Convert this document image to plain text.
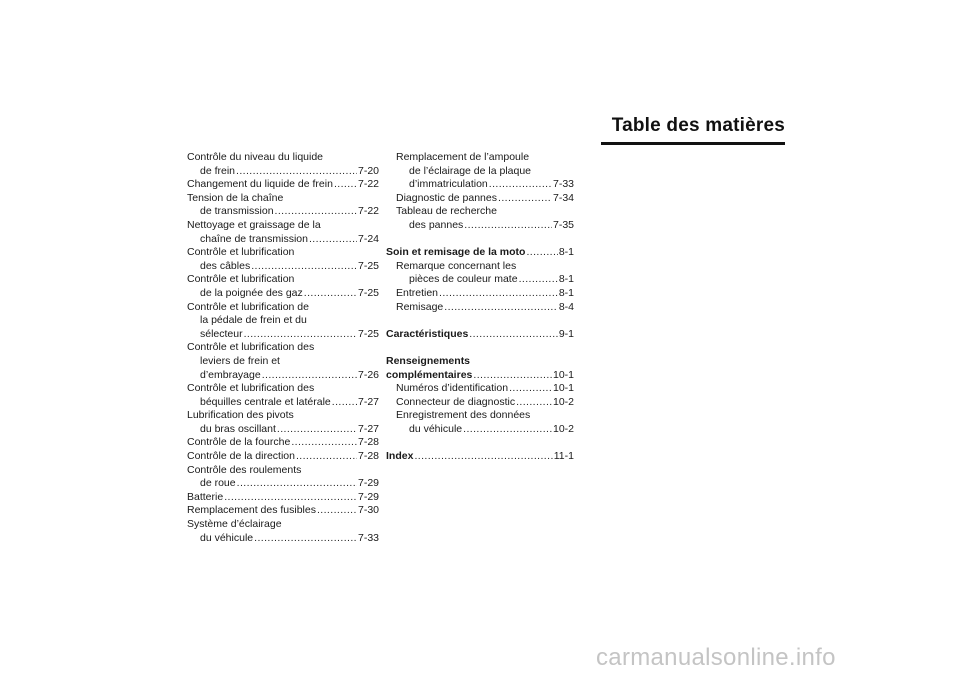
Table des matières
Contrôle du niveau du liquide
de frein .....	7-20
Changement du liquide de frein ..... 7-22
Tension de la chaîne
de transmission .....	7-22
Nettoyage et graissage de la
chaîne de transmission .....	7-24
Contrôle et lubrification
des câbles .....	7-25
Contrôle et lubrification
de la poignée des gaz .....	7-25
Contrôle et lubrification de
la pédale de frein et du
sélecteur .....	7-25
Contrôle et lubrification des
leviers de frein et
d’embrayage .....	7-26
Contrôle et lubrification des
béquilles centrale et latérale .....	7-27
Lubrification des pivots
du bras oscillant .....	7-27
Contrôle de la fourche .....	7-28
Contrôle de la direction .....	7-28
Contrôle des roulements
de roue .....	7-29
Batterie .....	7-29
Remplacement des fusibles .....	7-30
Système d’éclairage
du véhicule .....	7-33
Remplacement de l’ampoule
de l’éclairage de la plaque
d’immatriculation .....	7-33
Diagnostic de pannes .....	7-34
Tableau de recherche
des pannes .....	7-35
Soin et remisage de la moto .....	8-1
Remarque concernant les
pièces de couleur mate .....	8-1
Entretien .....	8-1
Remisage .....	8-4
Caractéristiques .....	9-1
Renseignements
complémentaires .....	10-1
Numéros d’identification .....	10-1
Connecteur de diagnostic .....	10-2
Enregistrement des données
du véhicule .....	10-2
Index .....	11-1
carmanualsonline.info
